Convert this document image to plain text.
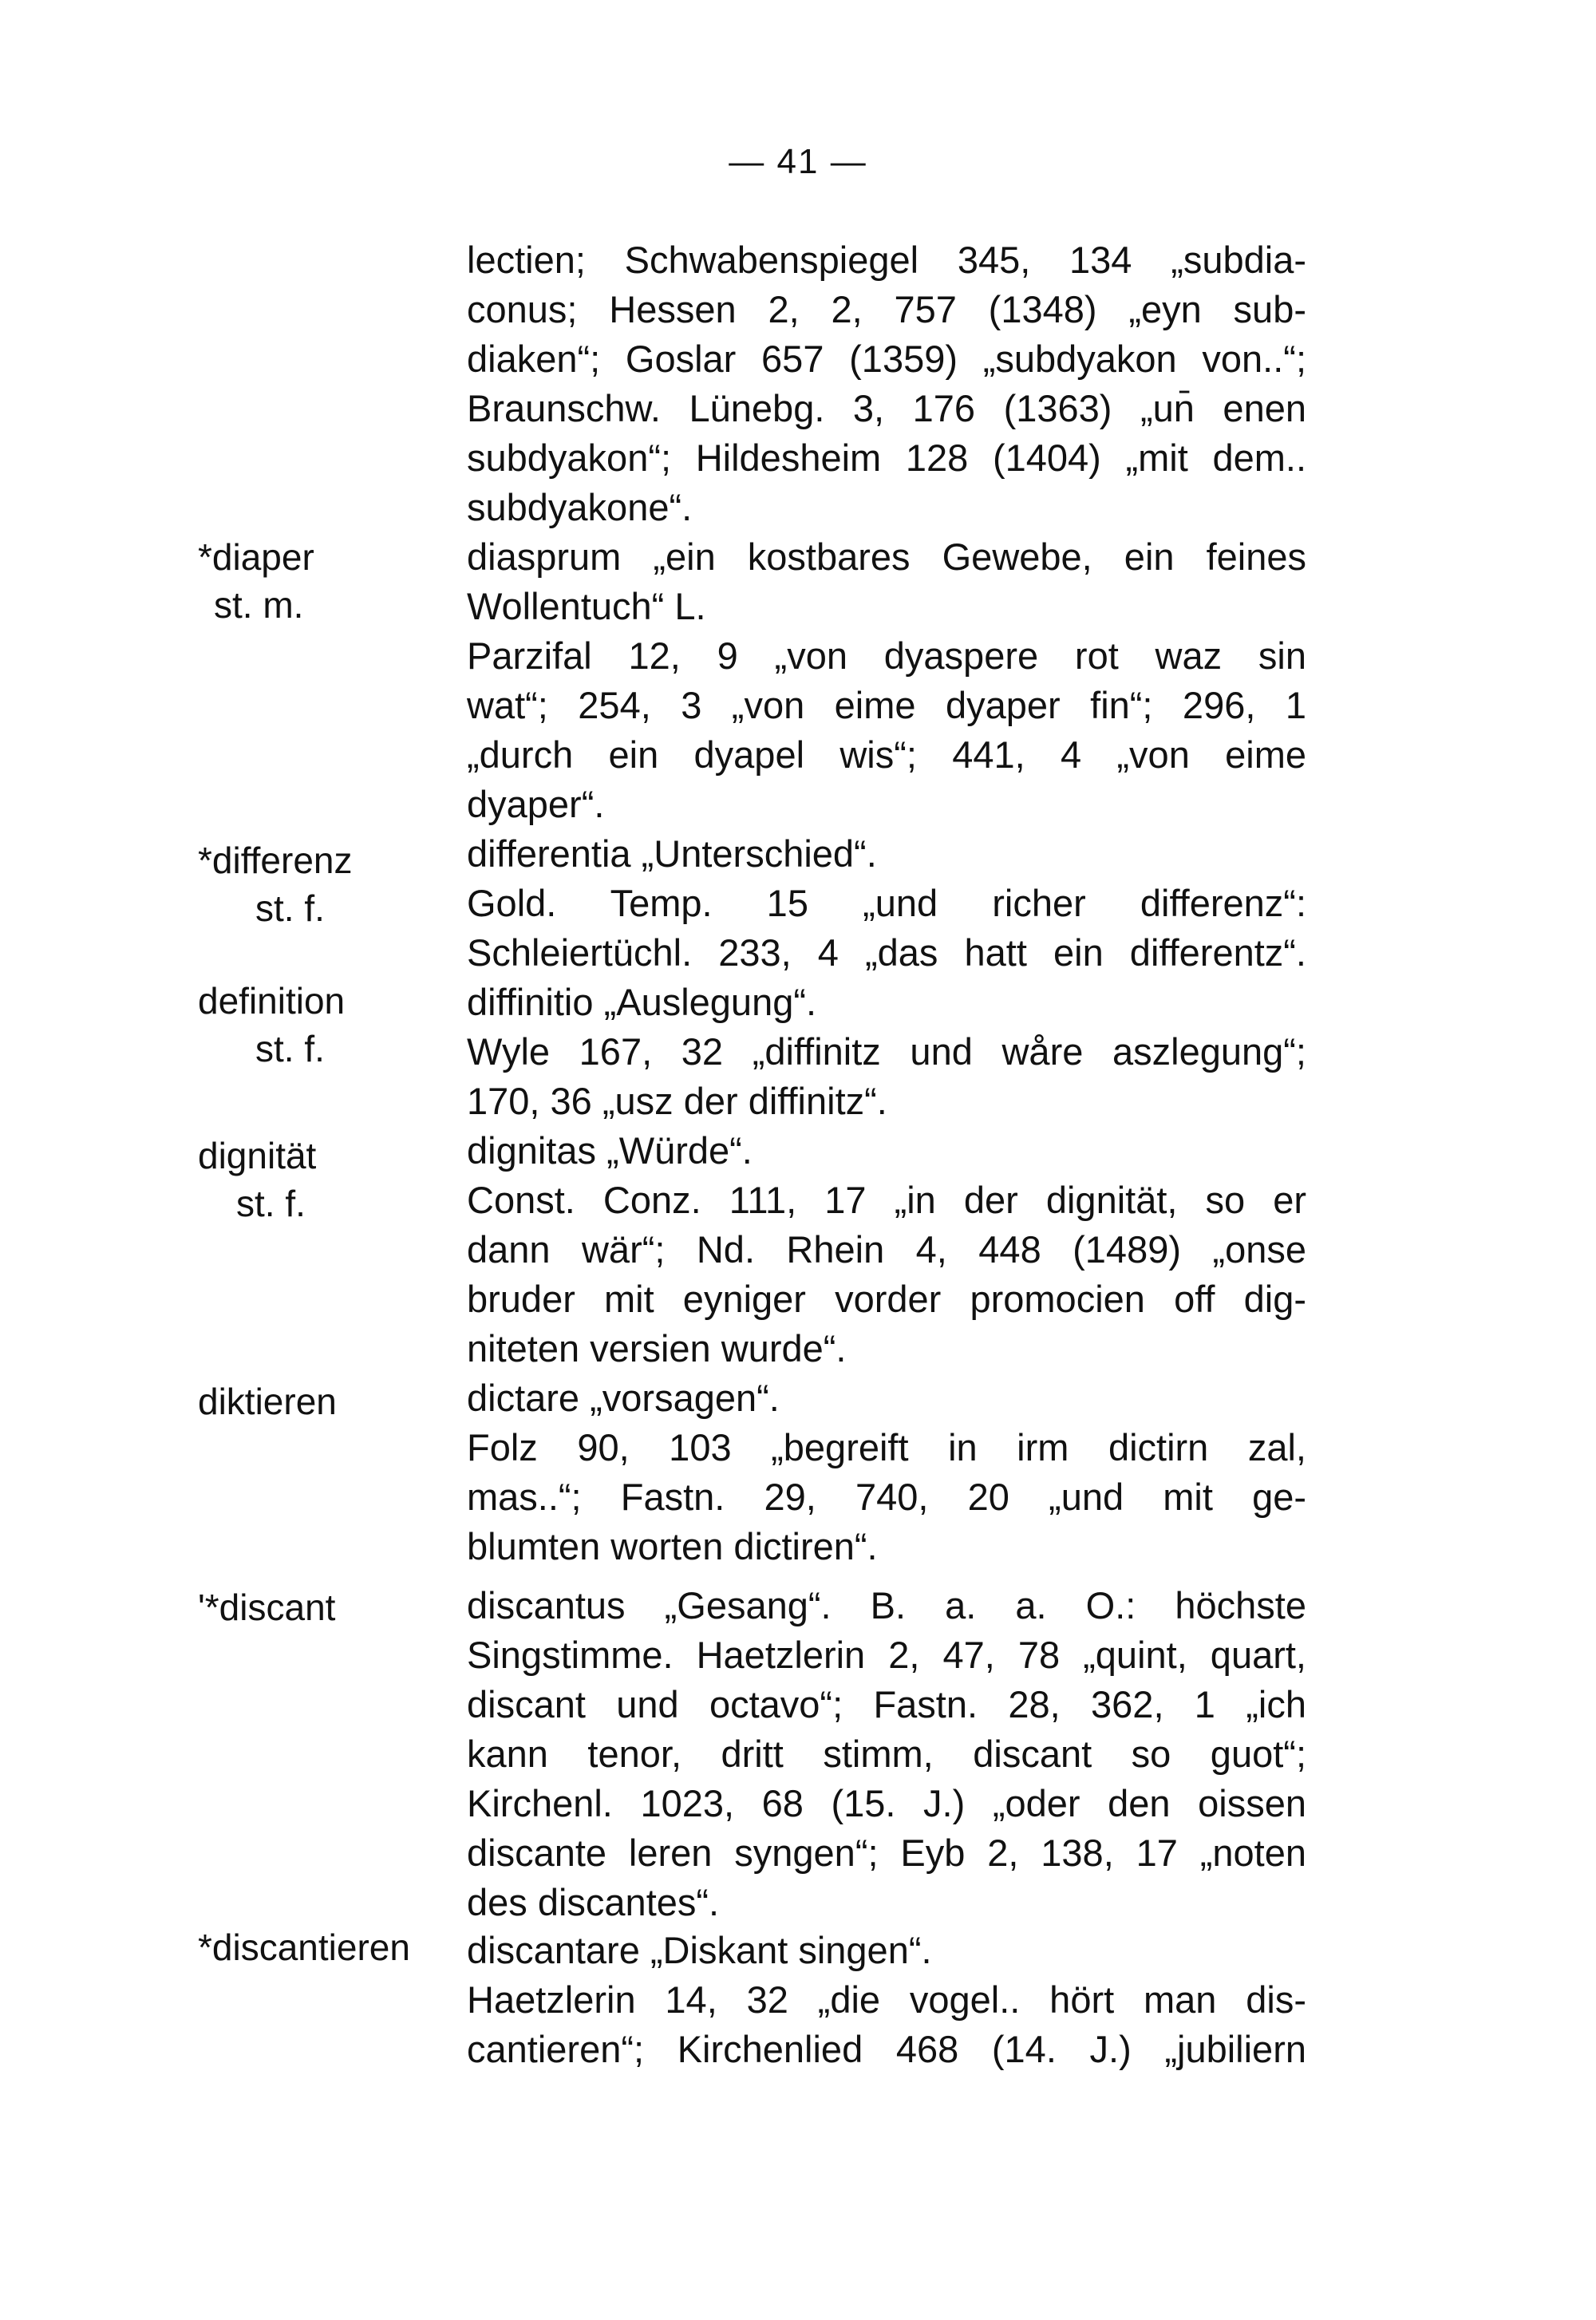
— 41 —
*diaper
st. m.
*differenz
st. f.
definition
st. f.
dignität
st. f.
diktieren
'*discant
*discantieren
lectien; Schwabenspiegel 345, 134 „subdia-
conus; Hessen 2, 2, 757 (1348) „eyn sub-
diaken“; Goslar 657 (1359) „subdyakon von..“;
Braunschw. Lünebg. 3, 176 (1363) „un̄ enen
subdyakon“; Hildesheim 128 (1404) „mit dem..
subdyakone“.
diasprum „ein kostbares Gewebe, ein feines
Wollentuch“ L.
Parzifal 12, 9 „von dyaspere rot waz sin
wat“; 254, 3 „von eime dyaper fin“; 296, 1
„durch ein dyapel wis“; 441, 4 „von eime
dyaper“.
differentia „Unterschied“.
Gold. Temp. 15 „und richer differenz“:
Schleiertüchl. 233, 4 „das hatt ein differentz“.
diffinitio „Auslegung“.
Wyle 167, 32 „diffinitz und wåre aszlegung“;
170, 36 „usz der diffinitz“.
dignitas „Würde“.
Const. Conz. 111, 17 „in der dignität, so er
dann wär“; Nd. Rhein 4, 448 (1489) „onse
bruder mit eyniger vorder promocien off dig-
niteten versien wurde“.
dictare „vorsagen“.
Folz 90, 103 „begreift in irm dictirn zal,
mas..“; Fastn. 29, 740, 20 „und mit ge-
blumten worten dictiren“.
discantus „Gesang“. B. a. a. O.: höchste
Singstimme. Haetzlerin 2, 47, 78 „quint, quart,
discant und octavo“; Fastn. 28, 362, 1 „ich
kann tenor, dritt stimm, discant so guot“;
Kirchenl. 1023, 68 (15. J.) „oder den oissen
discante leren syngen“; Eyb 2, 138, 17 „noten
des discantes“.
discantare „Diskant singen“.
Haetzlerin 14, 32 „die vogel.. hört man dis-
cantieren“; Kirchenlied 468 (14. J.) „jubiliern
